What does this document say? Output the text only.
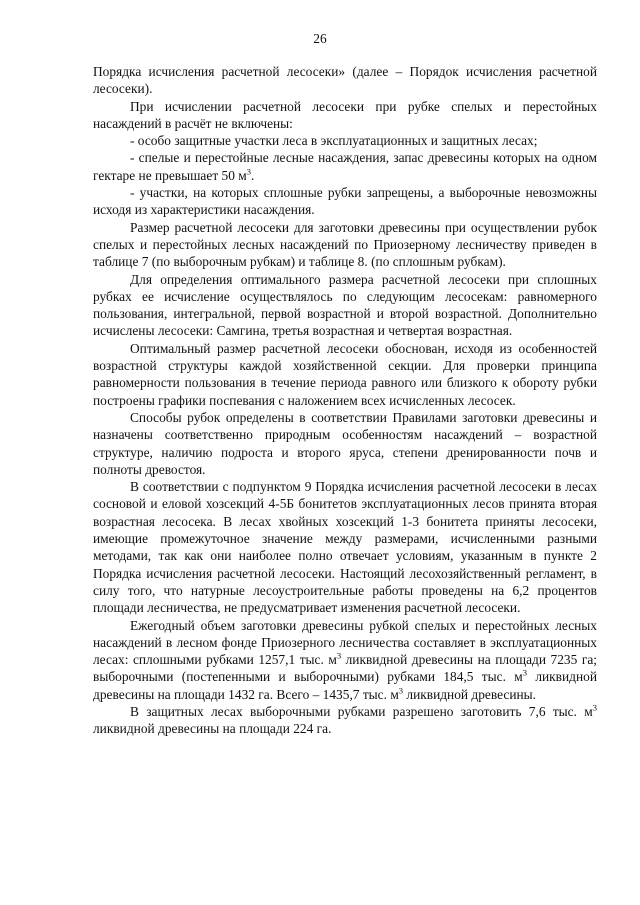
26

Порядка исчисления расчетной лесосеки» (далее – Порядок исчисления расчетной лесосеки).

При исчислении расчетной лесосеки при рубке спелых и перестойных насаждений в расчёт не включены:

- особо защитные участки леса в эксплуатационных и защитных лесах;

- спелые и перестойные лесные насаждения, запас древесины которых на одном гектаре не превышает 50 $м^3$.

- участки, на которых сплошные рубки запрещены, а выборочные невозможны исходя из характеристики насаждения.

Размер расчетной лесосеки для заготовки древесины при осуществлении рубок спелых и перестойных лесных насаждений по Приозерному лесничеству приведен в таблице 7 (по выборочным рубкам) и таблице 8. (по сплошным рубкам).

Для определения оптимального размера расчетной лесосеки при сплошных рубках ее исчисление осуществлялось по следующим лесосекам: равномерного пользования, интегральной, первой возрастной и второй возрастной. Дополнительно исчислены лесосеки: Самгина, третья возрастная и четвертая возрастная.

Оптимальный размер расчетной лесосеки обоснован, исходя из особенностей возрастной структуры каждой хозяйственной секции. Для проверки принципа равномерности пользования в течение периода равного или близкого к обороту рубки построены графики поспевания с наложением всех исчисленных лесосек.

Способы рубок определены в соответствии Правилами заготовки древесины и назначены соответственно природным особенностям насаждений – возрастной структуре, наличию подроста и второго яруса, степени дренированности почв и полноты древостоя.

В соответствии с подпунктом 9 Порядка исчисления расчетной лесосеки в лесах сосновой и еловой хозсекций 4-5Б бонитетов эксплуатационных лесов принята вторая возрастная лесосека. В лесах хвойных хозсекций 1-3 бонитета приняты лесосеки, имеющие промежуточное значение между размерами, исчисленными разными методами, так как они наиболее полно отвечает условиям, указанным в пункте 2 Порядка исчисления расчетной лесосеки. Настоящий лесохозяйственный регламент, в силу того, что натурные лесоустроительные работы проведены на 6,2 процентов площади лесничества, не предусматривает изменения расчетной лесосеки.

Ежегодный объем заготовки древесины рубкой спелых и перестойных лесных насаждений в лесном фонде Приозерного лесничества составляет в эксплуатационных лесах: сплошными рубками 1257,1 тыс. $м^3$ ликвидной древесины на площади 7235 га; выборочными (постепенными и выборочными) рубками 184,5 тыс. $м^3$ ликвидной древесины на площади 1432 га. Всего – 1435,7 тыс. $м^3$ ликвидной древесины.

В защитных лесах выборочными рубками разрешено заготовить 7,6 тыс. $м^3$ ликвидной древесины на площади 224 га.
